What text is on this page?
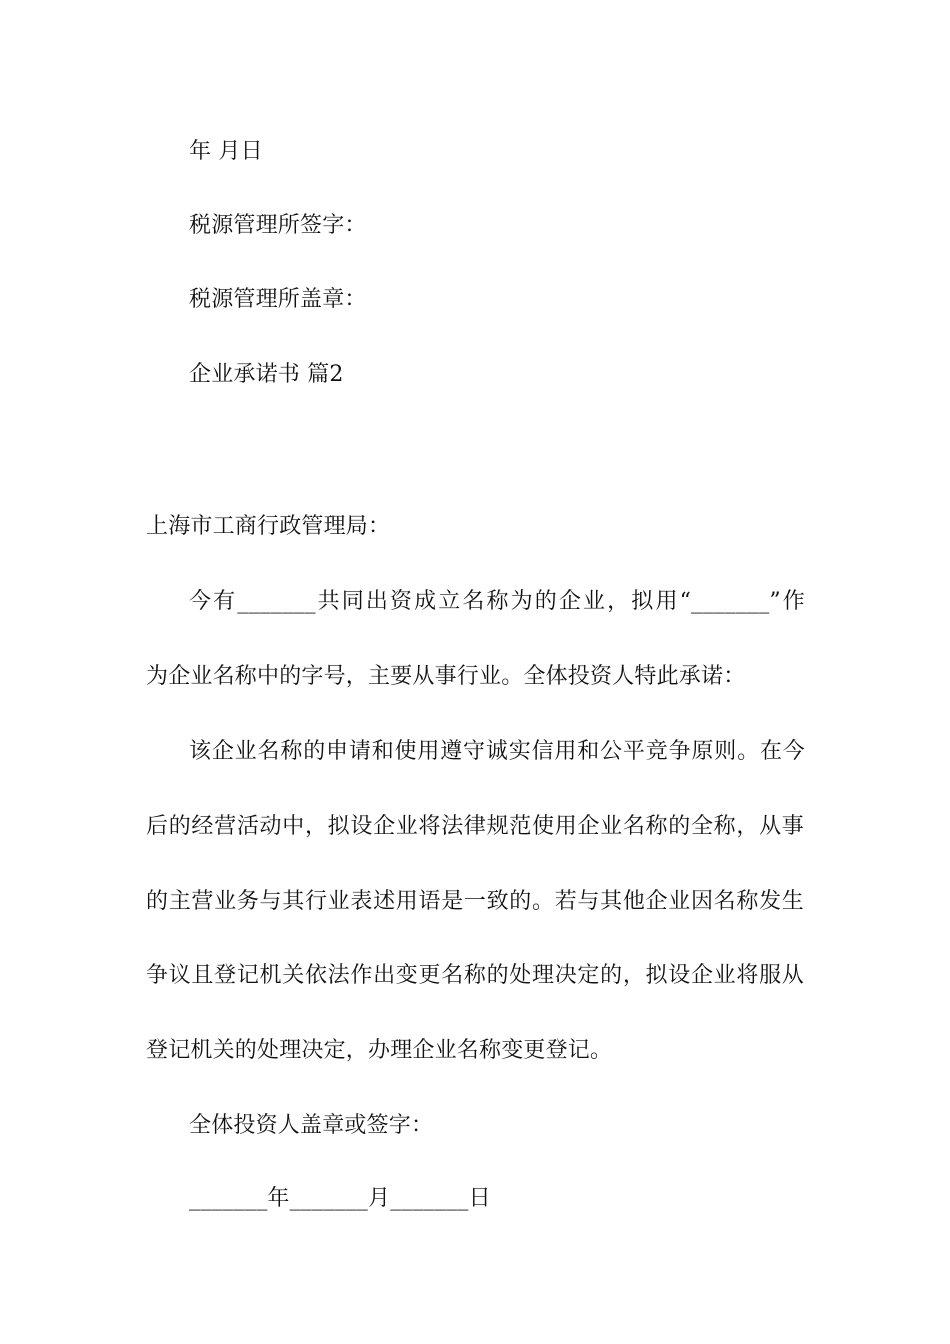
年 月日
税源管理所签字：
税源管理所盖章：
企业承诺书 篇2
上海市工商行政管理局：
今有_______共同出资成立名称为的企业，拟用“_______”作
为企业名称中的字号，主要从事行业。全体投资人特此承诺：
该企业名称的申请和使用遵守诚实信用和公平竞争原则。在今
后的经营活动中，拟设企业将法律规范使用企业名称的全称，从事
的主营业务与其行业表述用语是一致的。若与其他企业因名称发生
争议且登记机关依法作出变更名称的处理决定的，拟设企业将服从
登记机关的处理决定，办理企业名称变更登记。
全体投资人盖章或签字：
_______年_______月_______日
